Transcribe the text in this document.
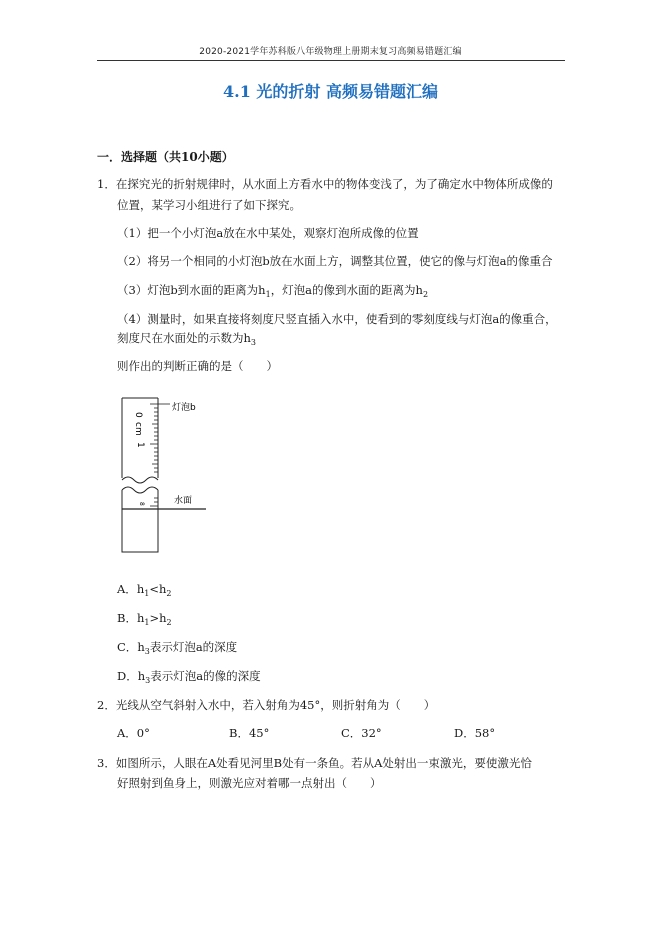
2020-2021学年苏科版八年级物理上册期末复习高频易错题汇编
4.1 光的折射 高频易错题汇编
一．选择题（共10小题）
1．在探究光的折射规律时，从水面上方看水中的物体变浅了，为了确定水中物体所成像的
位置，某学习小组进行了如下探究。
（1）把一个小灯泡a放在水中某处，观察灯泡所成像的位置
（2）将另一个相同的小灯泡b放在水面上方，调整其位置，使它的像与灯泡a的像重合
（3）灯泡b到水面的距离为$h_1$，灯泡a的像到水面的距离为$h_2$
（4）测量时，如果直接将刻度尺竖直插入水中，使看到的零刻度线与灯泡a的像重合，
刻度尺在水面处的示数为$h_3$
则作出的判断正确的是（　　）
0
cm
1
灯泡b
8	水面
A．$h_1<h_2$
B．$h_1>h_2$
C．$h_3$表示灯泡a的深度
D．$h_3$表示灯泡a的像的深度
2．光线从空气斜射入水中，若入射角为45°，则折射角为（　　）
A．0°	B．45°	C．32°	D．58°
3．如图所示，人眼在A处看见河里B处有一条鱼。若从A处射出一束激光，要使激光恰
好照射到鱼身上，则激光应对着哪一点射出（　　）
